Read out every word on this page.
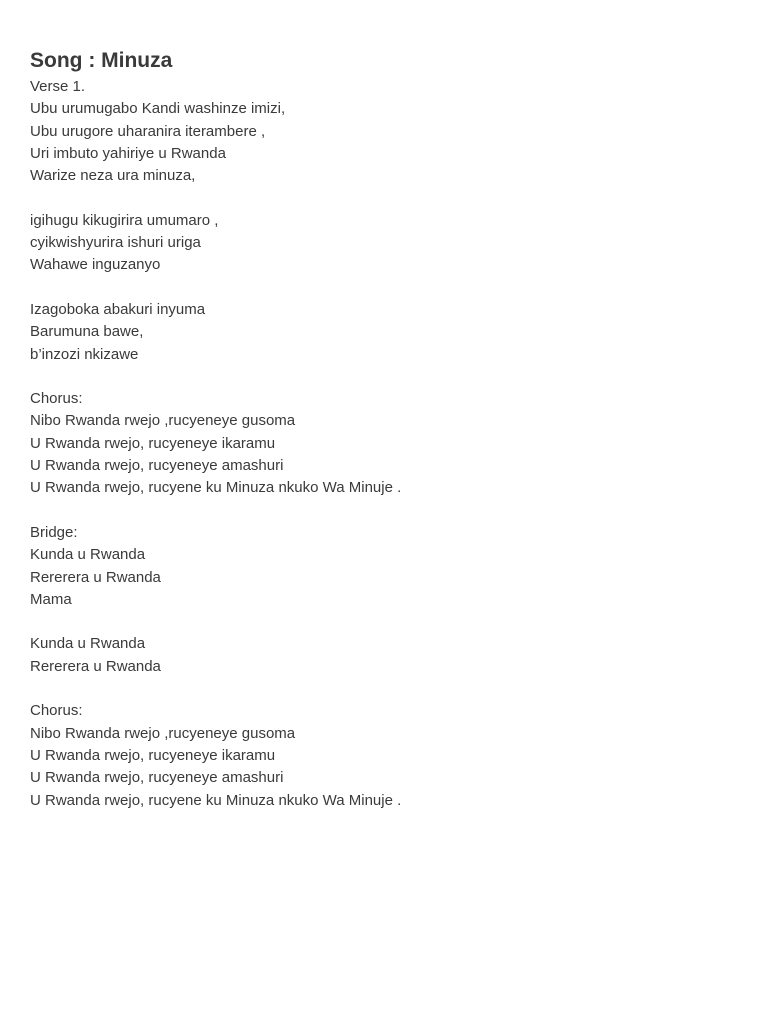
Song : Minuza
Verse 1.
Ubu urumugabo Kandi washinze imizi,
Ubu urugore uharanira iterambere ,
Uri imbuto yahiriye u Rwanda
Warize neza ura minuza,
igihugu kikugirira umumaro ,
cyikwishyurira ishuri uriga
Wahawe inguzanyo
Izagoboka abakuri inyuma
Barumuna bawe,
b’inzozi nkizawe
Chorus:
Nibo Rwanda rwejo ,rucyeneye gusoma
U Rwanda rwejo, rucyeneye ikaramu
U Rwanda rwejo, rucyeneye amashuri
U Rwanda rwejo, rucyene ku Minuza nkuko Wa Minuje .
Bridge:
Kunda u Rwanda
Rererera u Rwanda
Mama
Kunda u Rwanda
Rererera u Rwanda
Chorus:
Nibo Rwanda rwejo ,rucyeneye gusoma
U Rwanda rwejo, rucyeneye ikaramu
U Rwanda rwejo, rucyeneye amashuri
U Rwanda rwejo, rucyene ku Minuza nkuko Wa Minuje .
